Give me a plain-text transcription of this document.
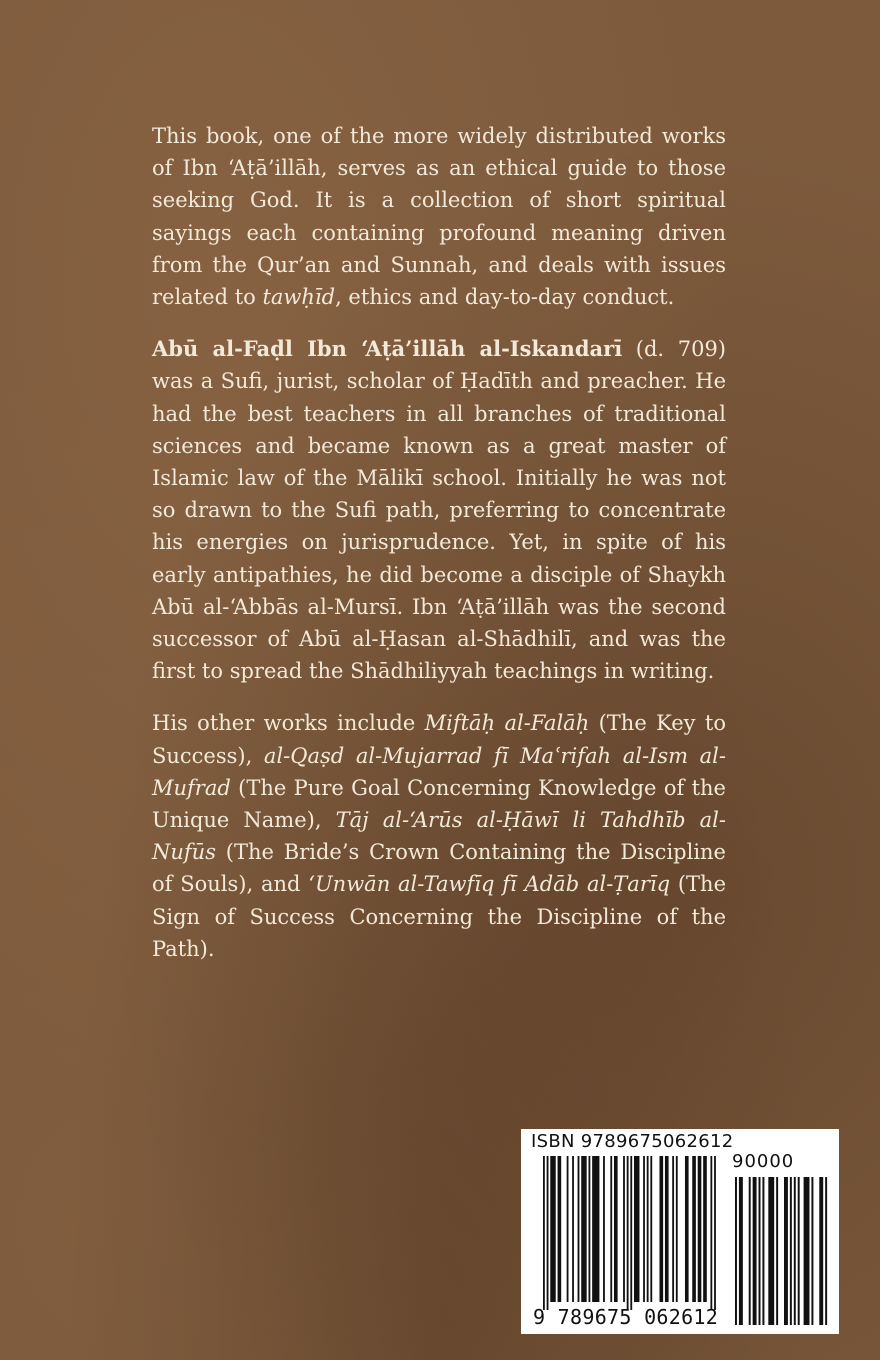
This book, one of the more widely distributed works of Ibn ‘Aṭā’illāh, serves as an ethical guide to those seeking God. It is a collection of short spiritual sayings each containing profound meaning driven from the Qur’an and Sunnah, and deals with issues related to tawḥīd, ethics and day-to-day conduct.

Abū al-Faḍl Ibn ‘Aṭā’illāh al-Iskandarī (d. 709) was a Sufi, jurist, scholar of Ḥadīth and preacher. He had the best teachers in all branches of traditional sciences and became known as a great master of Islamic law of the Mālikī school. Initially he was not so drawn to the Sufi path, preferring to concentrate his energies on jurisprudence. Yet, in spite of his early antipathies, he did become a disciple of Shaykh Abū al-‘Abbās al-Mursī. Ibn ‘Aṭā’illāh was the second successor of Abū al-Ḥasan al-Shādhilī, and was the first to spread the Shādhiliyyah teachings in writing.

His other works include Miftāḥ al-Falāḥ (The Key to Success), al-Qaṣd al-Mujarrad fī Maʿrifah al-Ism al-Mufrad (The Pure Goal Concerning Knowledge of the Unique Name), Tāj al-‘Arūs al-Ḥāwī li Tahdhīb al-Nufūs (The Bride’s Crown Containing the Discipline of Souls), and ‘Unwān al-Tawfīq fī Adāb al-Ṭarīq (The Sign of Success Concerning the Discipline of the Path).

ISBN 9789675062612
90000
9 789675 062612
